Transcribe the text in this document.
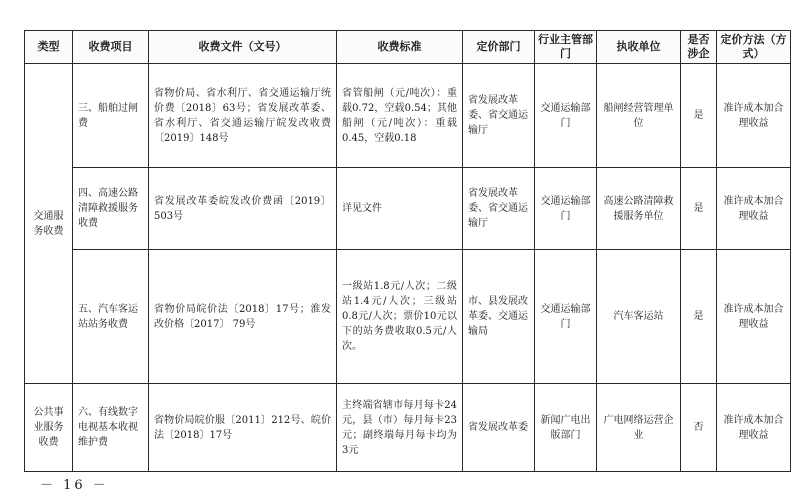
类型	收费项目	收费文件（文号）	收费标准	定价部门	行业主管部门	执收单位	是否涉企	定价方法（方式）
交通服务收费	三、船舶过闸费	省物价局、省水利厅、省交通运输厅统价费〔2018〕63号；省发展改革委、省水利厅、省交通运输厅皖发改收费〔2019〕148号	省管船闸（元/吨次）：重载0.72，空载0.54；其他船闸（元/吨次）：重载0.45，空载0.18	省发展改革委、省交通运输厅	交通运输部门	船闸经营管理单位	是	准许成本加合理收益
	四、高速公路清障救援服务收费	省发展改革委皖发改价费函〔2019〕503号	详见文件	省发展改革委、省交通运输厅	交通运输部门	高速公路清障救援服务单位	是	准许成本加合理收益
	五、汽车客运站站务收费	省物价局皖价法〔2018〕17号；淮发改价格〔2017〕 79号	一级站1.8元/人次；二级站1.4元/人次；三级站0.8元/人次；票价10元以下的站务费收取0.5元/人次。	市、县发展改革委、交通运输局	交通运输部门	汽车客运站	是	准许成本加合理收益
公共事业服务收费	六、有线数字电视基本收视维护费	省物价局皖价服〔2011〕212号、皖价法〔2018〕17号	主终端省辖市每月每卡24元，县（市）每月每卡23元；副终端每月每卡均为3元	省发展改革委	新闻广电出版部门	广电网络运营企业	否	准许成本加合理收益
－ 16 －
